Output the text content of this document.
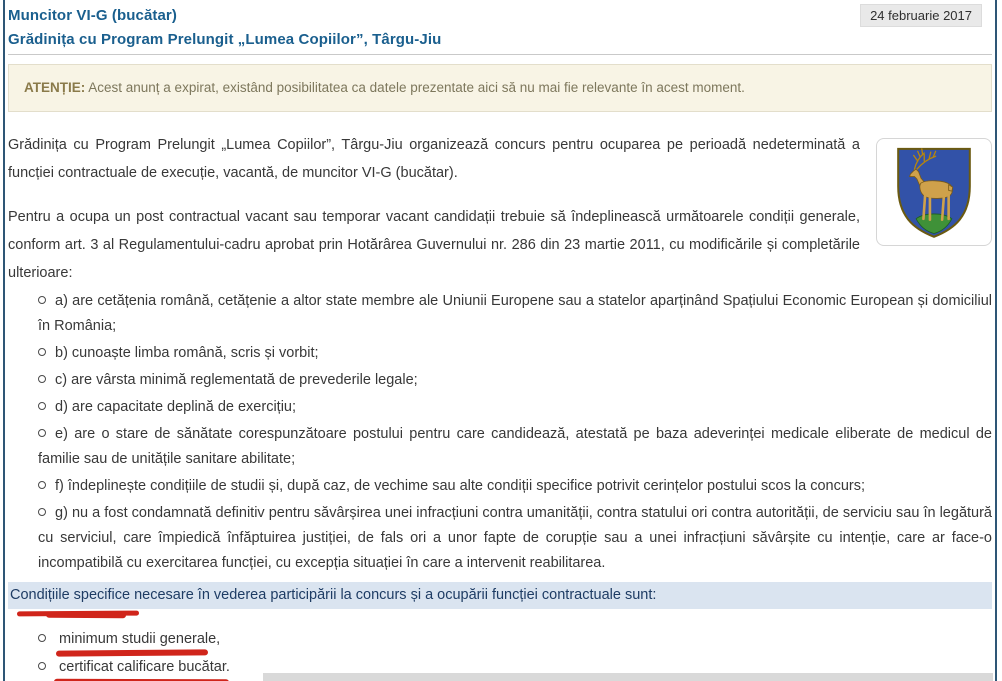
Muncitor VI-G (bucătar)	24 februarie 2017
Grădinița cu Program Prelungit „Lumea Copiilor”, Târgu-Jiu
ATENȚIE: Acest anunț a expirat, existând posibilitatea ca datele prezentate aici să nu mai fie relevante în acest moment.

Grădinița cu Program Prelungit „Lumea Copiilor”, Târgu-Jiu organizează concurs pentru ocuparea pe perioadă nedeterminată a funcției contractuale de execuție, vacantă, de muncitor VI-G (bucătar).

Pentru a ocupa un post contractual vacant sau temporar vacant candidații trebuie să îndeplinească următoarele condiții generale, conform art. 3 al Regulamentului-cadru aprobat prin Hotărârea Guvernului nr. 286 din 23 martie 2011, cu modificările și completările ulterioare:

a) are cetățenia română, cetățenie a altor state membre ale Uniunii Europene sau a statelor aparținând Spațiului Economic European și domiciliul în România;
b) cunoaște limba română, scris și vorbit;
c) are vârsta minimă reglementată de prevederile legale;
d) are capacitate deplină de exercițiu;
e) are o stare de sănătate corespunzătoare postului pentru care candidează, atestată pe baza adeverinței medicale eliberate de medicul de familie sau de unitățile sanitare abilitate;
f) îndeplinește condițiile de studii și, după caz, de vechime sau alte condiții specifice potrivit cerințelor postului scos la concurs;
g) nu a fost condamnată definitiv pentru săvârșirea unei infracțiuni contra umanității, contra statului ori contra autorității, de serviciu sau în legătură cu serviciul, care împiedică înfăptuirea justiției, de fals ori a unor fapte de corupție sau a unei infracțiuni săvârșite cu intenție, care ar face-o incompatibilă cu exercitarea funcției, cu excepția situației în care a intervenit reabilitarea.
Condițiile specifice necesare în vederea participării la concurs și a ocupării funcției contractuale sunt:
minimum studii generale,
certificat calificare bucătar.
